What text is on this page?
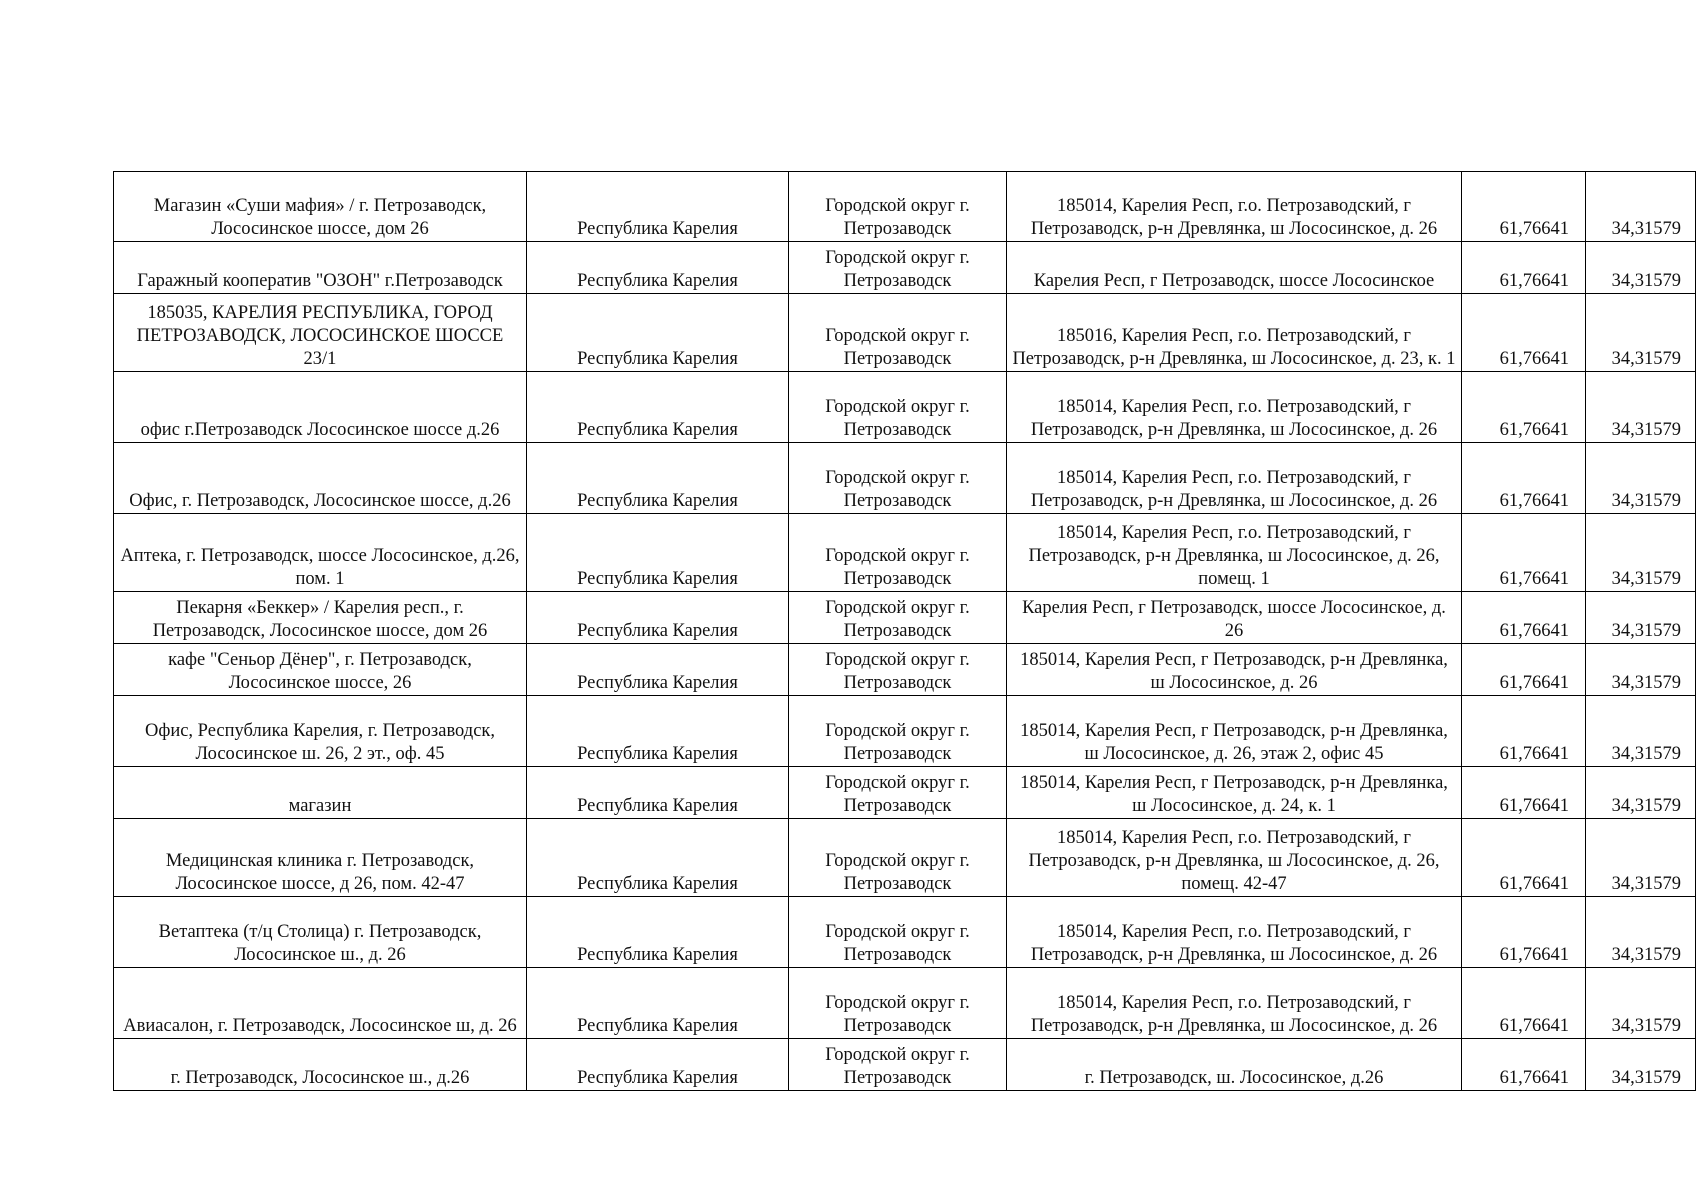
Магазин «Суши мафия» / г. Петрозаводск, Лососинское шоссе, дом 26	Республика Карелия	Городской округ г. Петрозаводск	185014, Карелия Респ, г.о. Петрозаводский, г Петрозаводск, р-н Древлянка, ш Лососинское, д. 26	61,76641	34,31579
Гаражный кооператив "ОЗОН" г.Петрозаводск	Республика Карелия	Городской округ г. Петрозаводск	Карелия Респ, г Петрозаводск, шоссе Лососинское	61,76641	34,31579
185035, КАРЕЛИЯ РЕСПУБЛИКА, ГОРОД ПЕТРОЗАВОДСК, ЛОСОСИНСКОЕ ШОССЕ 23/1	Республика Карелия	Городской округ г. Петрозаводск	185016, Карелия Респ, г.о. Петрозаводский, г Петрозаводск, р-н Древлянка, ш Лососинское, д. 23, к. 1	61,76641	34,31579
офис г.Петрозаводск Лососинское шоссе д.26	Республика Карелия	Городской округ г. Петрозаводск	185014, Карелия Респ, г.о. Петрозаводский, г Петрозаводск, р-н Древлянка, ш Лососинское, д. 26	61,76641	34,31579
Офис, г. Петрозаводск, Лососинское шоссе, д.26	Республика Карелия	Городской округ г. Петрозаводск	185014, Карелия Респ, г.о. Петрозаводский, г Петрозаводск, р-н Древлянка, ш Лососинское, д. 26	61,76641	34,31579
Аптека, г. Петрозаводск, шоссе Лососинское, д.26, пом. 1	Республика Карелия	Городской округ г. Петрозаводск	185014, Карелия Респ, г.о. Петрозаводский, г Петрозаводск, р-н Древлянка, ш Лососинское, д. 26, помещ. 1	61,76641	34,31579
Пекарня «Беккер» / Карелия респ., г. Петрозаводск, Лососинское шоссе, дом 26	Республика Карелия	Городской округ г. Петрозаводск	Карелия Респ, г Петрозаводск, шоссе Лососинское, д. 26	61,76641	34,31579
кафе "Сеньор Дёнер", г. Петрозаводск, Лососинское шоссе, 26	Республика Карелия	Городской округ г. Петрозаводск	185014, Карелия Респ, г Петрозаводск, р-н Древлянка, ш Лососинское, д. 26	61,76641	34,31579
Офис, Республика Карелия, г. Петрозаводск, Лососинское ш. 26, 2 эт., оф. 45	Республика Карелия	Городской округ г. Петрозаводск	185014, Карелия Респ, г Петрозаводск, р-н Древлянка, ш Лососинское, д. 26, этаж 2, офис 45	61,76641	34,31579
магазин	Республика Карелия	Городской округ г. Петрозаводск	185014, Карелия Респ, г Петрозаводск, р-н Древлянка, ш Лососинское, д. 24, к. 1	61,76641	34,31579
Медицинская клиника г. Петрозаводск, Лососинское шоссе, д 26, пом. 42-47	Республика Карелия	Городской округ г. Петрозаводск	185014, Карелия Респ, г.о. Петрозаводский, г Петрозаводск, р-н Древлянка, ш Лососинское, д. 26, помещ. 42-47	61,76641	34,31579
Ветаптека (т/ц Столица) г. Петрозаводск, Лососинское ш., д. 26	Республика Карелия	Городской округ г. Петрозаводск	185014, Карелия Респ, г.о. Петрозаводский, г Петрозаводск, р-н Древлянка, ш Лососинское, д. 26	61,76641	34,31579
Авиасалон, г. Петрозаводск, Лососинское ш, д. 26	Республика Карелия	Городской округ г. Петрозаводск	185014, Карелия Респ, г.о. Петрозаводский, г Петрозаводск, р-н Древлянка, ш Лососинское, д. 26	61,76641	34,31579
г. Петрозаводск, Лососинское ш., д.26	Республика Карелия	Городской округ г. Петрозаводск	г. Петрозаводск, ш. Лососинское, д.26	61,76641	34,31579
